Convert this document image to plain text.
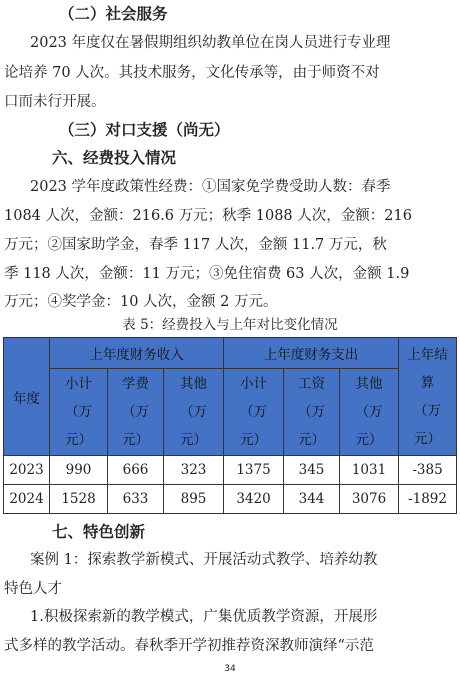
（二）社会服务
2023 年度仅在暑假期组织幼教单位在岗人员进行专业理
论培养 70 人次。其技术服务，文化传承等，由于师资不对
口而未行开展。
（三）对口支援（尚无）
六、经费投入情况
2023 学年度政策性经费：①国家免学费受助人数：春季
1084 人次，金额：216.6 万元；秋季 1088 人次，金额：216
万元；②国家助学金，春季 117 人次，金额 11.7 万元，秋
季 118 人次，金额：11 万元；③免住宿费 63 人次，金额 1.9
万元；④奖学金：10 人次，金额 2 万元。
表 5：经费投入与上年对比变化情况
年度	上年度财务收入			上年度财务支出			上年结
算
（万
元）

	小计
（万
元）	学费
（万
元）	其他
（万
元）	小计
（万
元）	工资
（万
元）	其他
（万
元）	

2023	990	666	323	1375	345	1031	-385
2024	1528	633	895	3420	344	3076	-1892
七、特色创新
案例 1：探索教学新模式、开展活动式教学、培养幼教
特色人才
1.积极探索新的教学模式，广集优质教学资源，开展形
式多样的教学活动。春秋季开学初推荐资深教师演绎“示范
34
